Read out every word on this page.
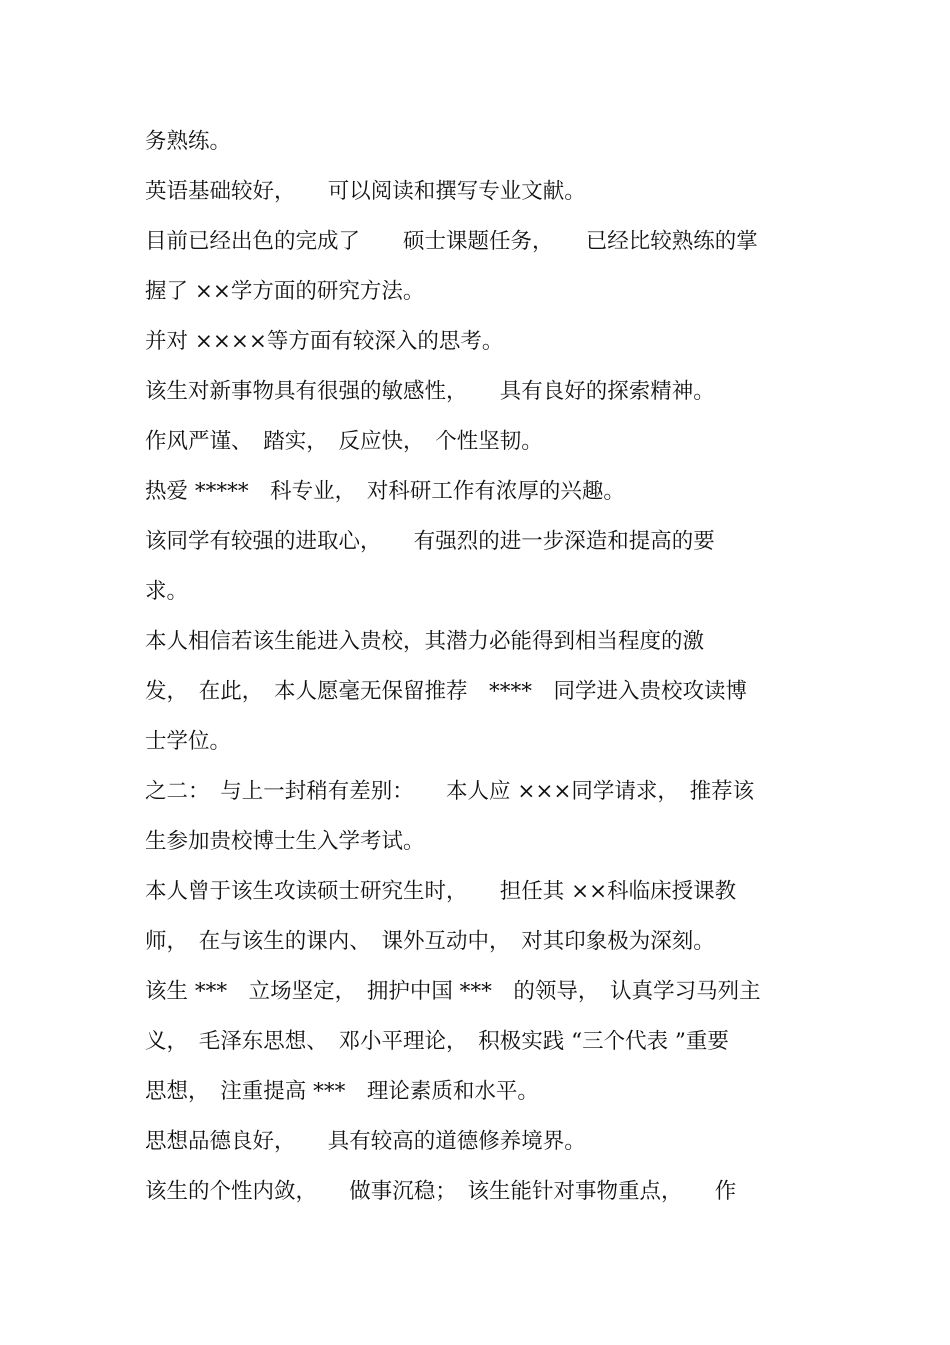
务熟练。
英语基础较好，　　可以阅读和撰写专业文献。
目前已经出色的完成了　　硕士课题任务，　　已经比较熟练的掌
握了 ××学方面的研究方法。
并对 ××××等方面有较深入的思考。
该生对新事物具有很强的敏感性，　　具有良好的探索精神。
作风严谨、　踏实，　反应快，　个性坚韧。
热爱 *****　科专业，　对科研工作有浓厚的兴趣。
该同学有较强的进取心，　　有强烈的进一步深造和提高的要
求。
本人相信若该生能进入贵校，其潜力必能得到相当程度的激
发，　在此，　本人愿毫无保留推荐　****　同学进入贵校攻读博
士学位。
之二：　与上一封稍有差别：　　本人应 ×××同学请求，　推荐该
生参加贵校博士生入学考试。
本人曾于该生攻读硕士研究生时，　　担任其 ××科临床授课教
师，　在与该生的课内、　课外互动中，　对其印象极为深刻。
该生 ***　立场坚定，　拥护中国 ***　的领导，　认真学习马列主
义，　毛泽东思想、　邓小平理论，　积极实践 “三个代表 ”重要
思想，　注重提高 ***　理论素质和水平。
思想品德良好，　　具有较高的道德修养境界。
该生的个性内敛，　　做事沉稳；　该生能针对事物重点，　　作
